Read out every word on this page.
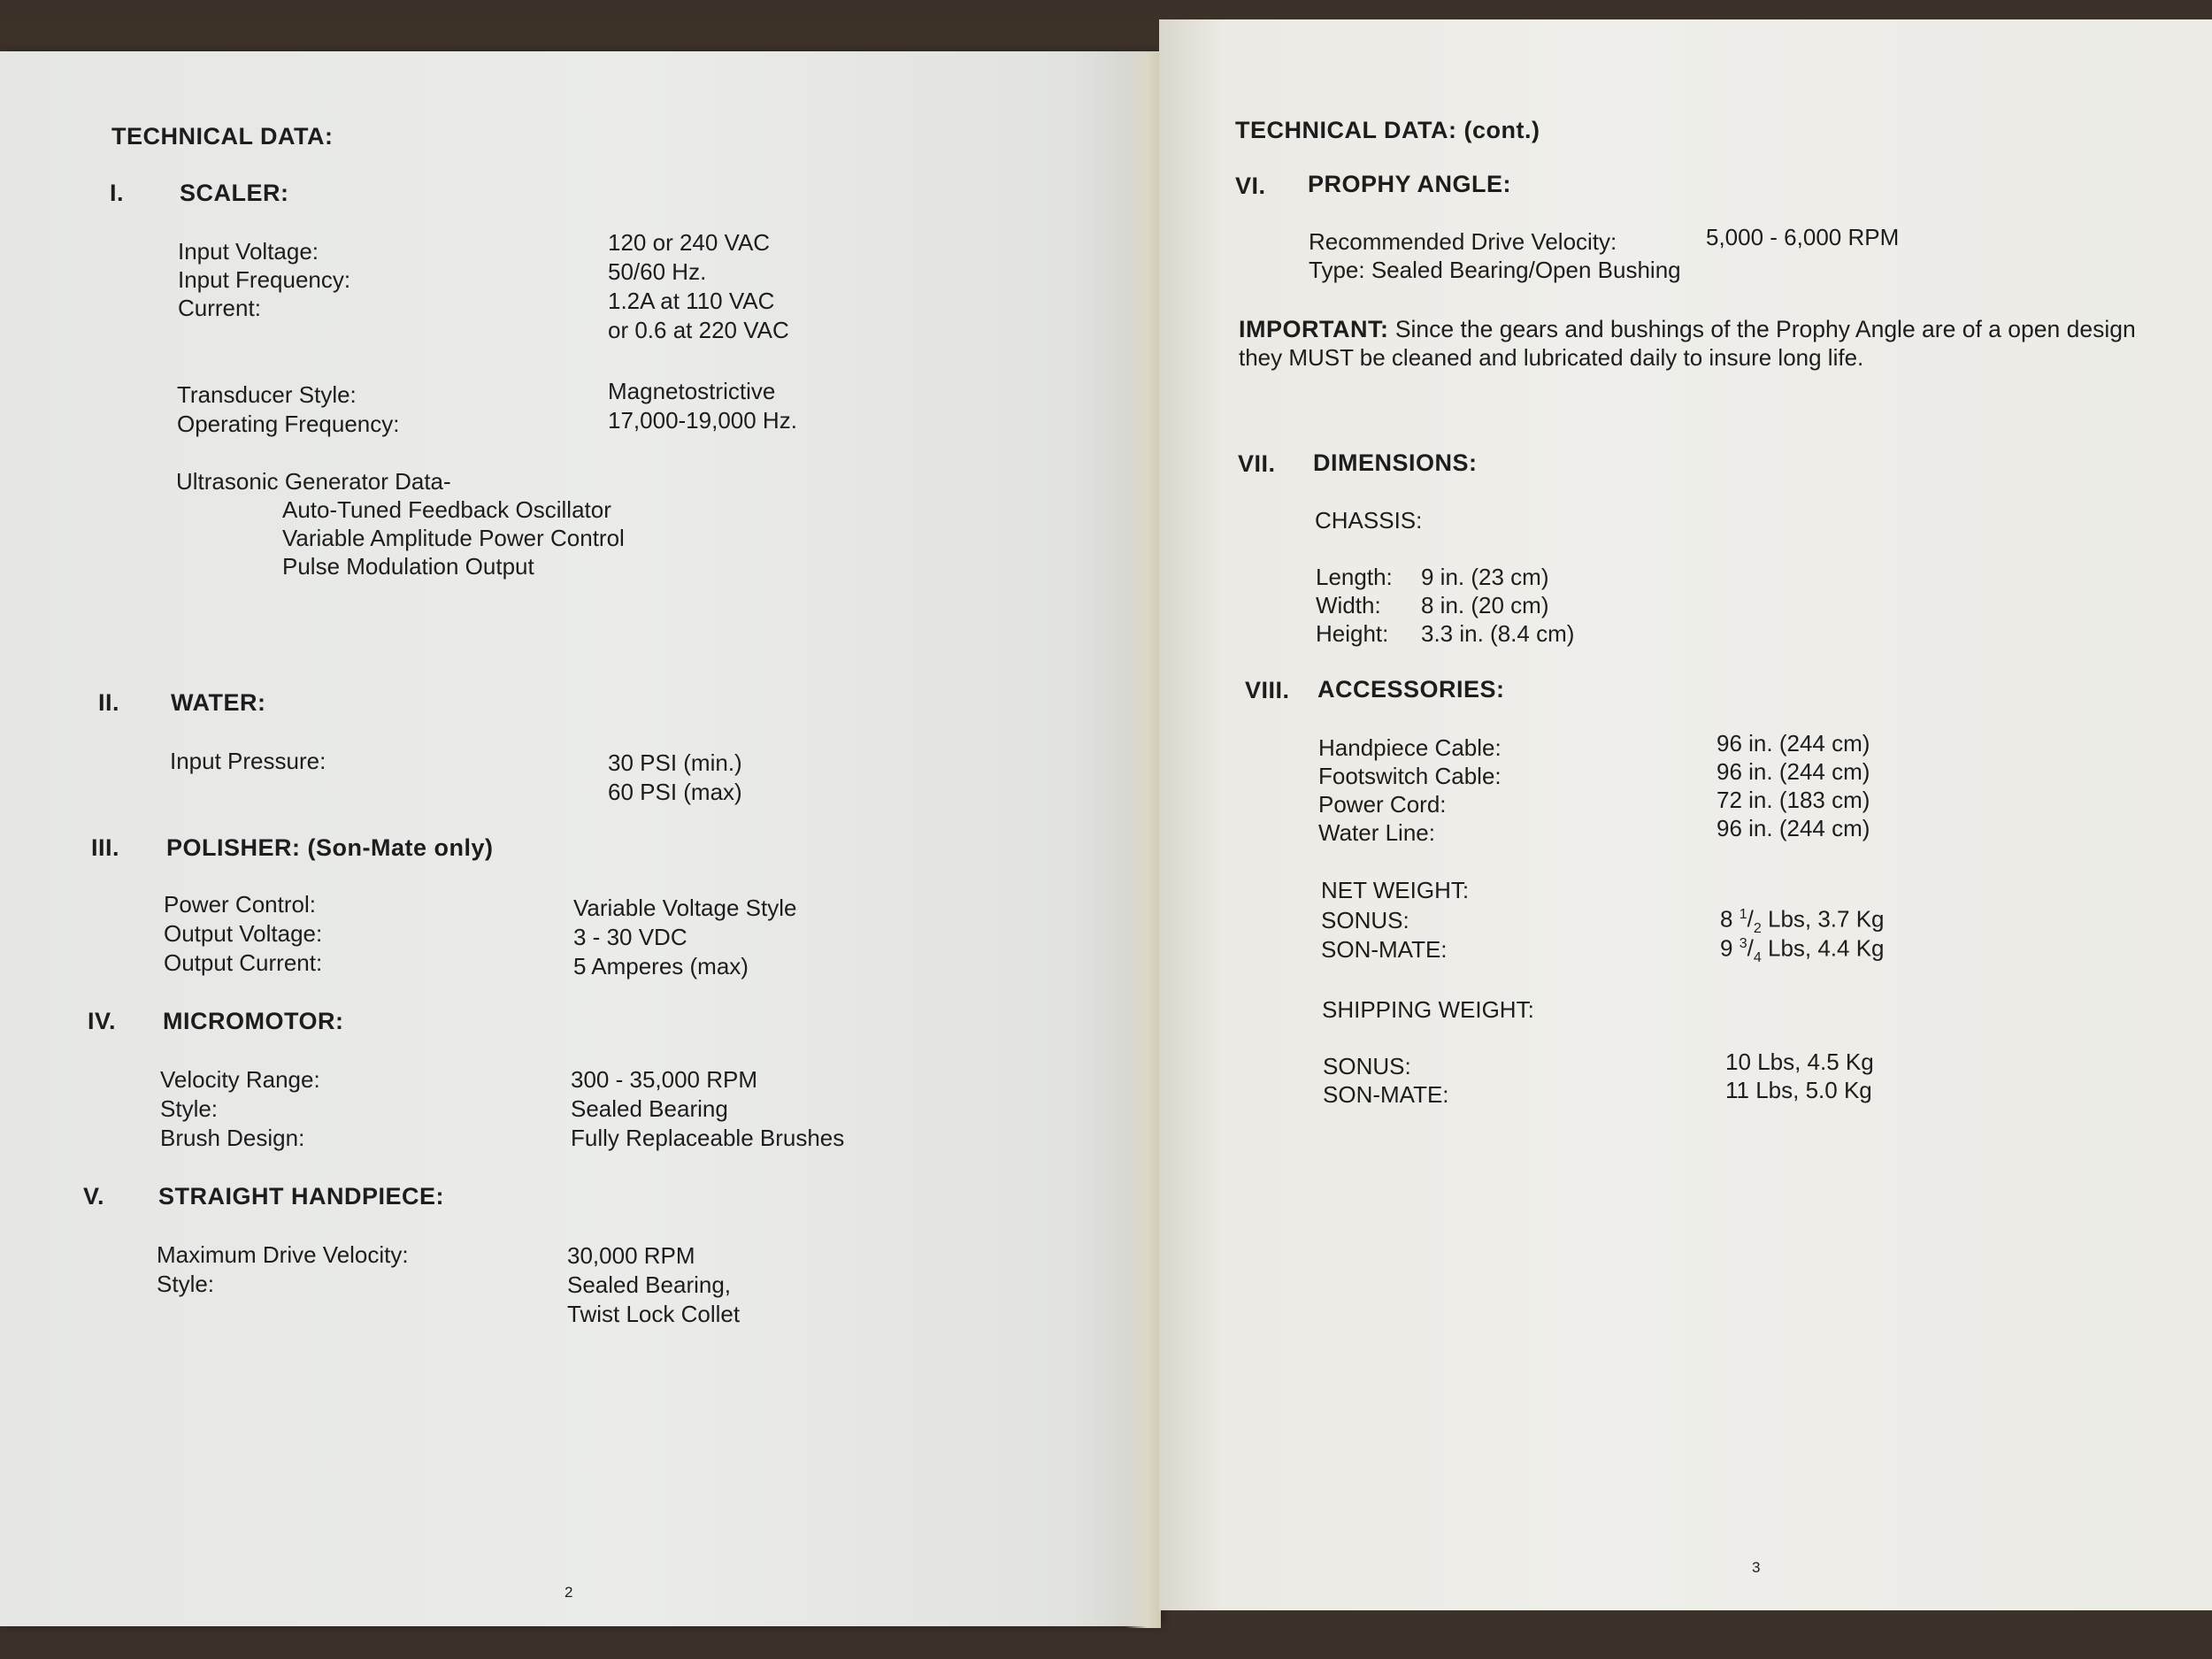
TECHNICAL DATA:
I. SCALER:
Input Voltage:	120 or 240 VAC
Input Frequency:	50/60 Hz.
Current:	1.2A at 110 VAC
or 0.6 at 220 VAC
Transducer Style:	Magnetostrictive
Operating Frequency:	17,000-19,000 Hz.
Ultrasonic Generator Data-
Auto-Tuned Feedback Oscillator
Variable Amplitude Power Control
Pulse Modulation Output
II. WATER:
Input Pressure:	30 PSI (min.)
60 PSI (max)
III. POLISHER: (Son-Mate only)
Power Control:	Variable Voltage Style
Output Voltage:	3 - 30 VDC
Output Current:	5 Amperes (max)
IV. MICROMOTOR:
Velocity Range:	300 - 35,000 RPM
Style:	Sealed Bearing
Brush Design:	Fully Replaceable Brushes
V. STRAIGHT HANDPIECE:
Maximum Drive Velocity:	30,000 RPM
Style:	Sealed Bearing,
Twist Lock Collet
2
TECHNICAL DATA: (cont.)
VI. PROPHY ANGLE:
Recommended Drive Velocity:	5,000 - 6,000 RPM
Type: Sealed Bearing/Open Bushing
IMPORTANT: Since the gears and bushings of the Prophy Angle are of a open design
they MUST be cleaned and lubricated daily to insure long life.
VII. DIMENSIONS:
CHASSIS:
Length: 9 in. (23 cm)
Width: 8 in. (20 cm)
Height: 3.3 in. (8.4 cm)
VIII. ACCESSORIES:
Handpiece Cable:	96 in. (244 cm)
Footswitch Cable:	96 in. (244 cm)
Power Cord:	72 in. (183 cm)
Water Line:	96 in. (244 cm)
NET WEIGHT:
SONUS:	8 $^1/_2$ Lbs, 3.7 Kg
SON-MATE:	9 $^3/_4$ Lbs, 4.4 Kg
SHIPPING WEIGHT:
SONUS:	10 Lbs, 4.5 Kg
SON-MATE:	11 Lbs, 5.0 Kg
3
